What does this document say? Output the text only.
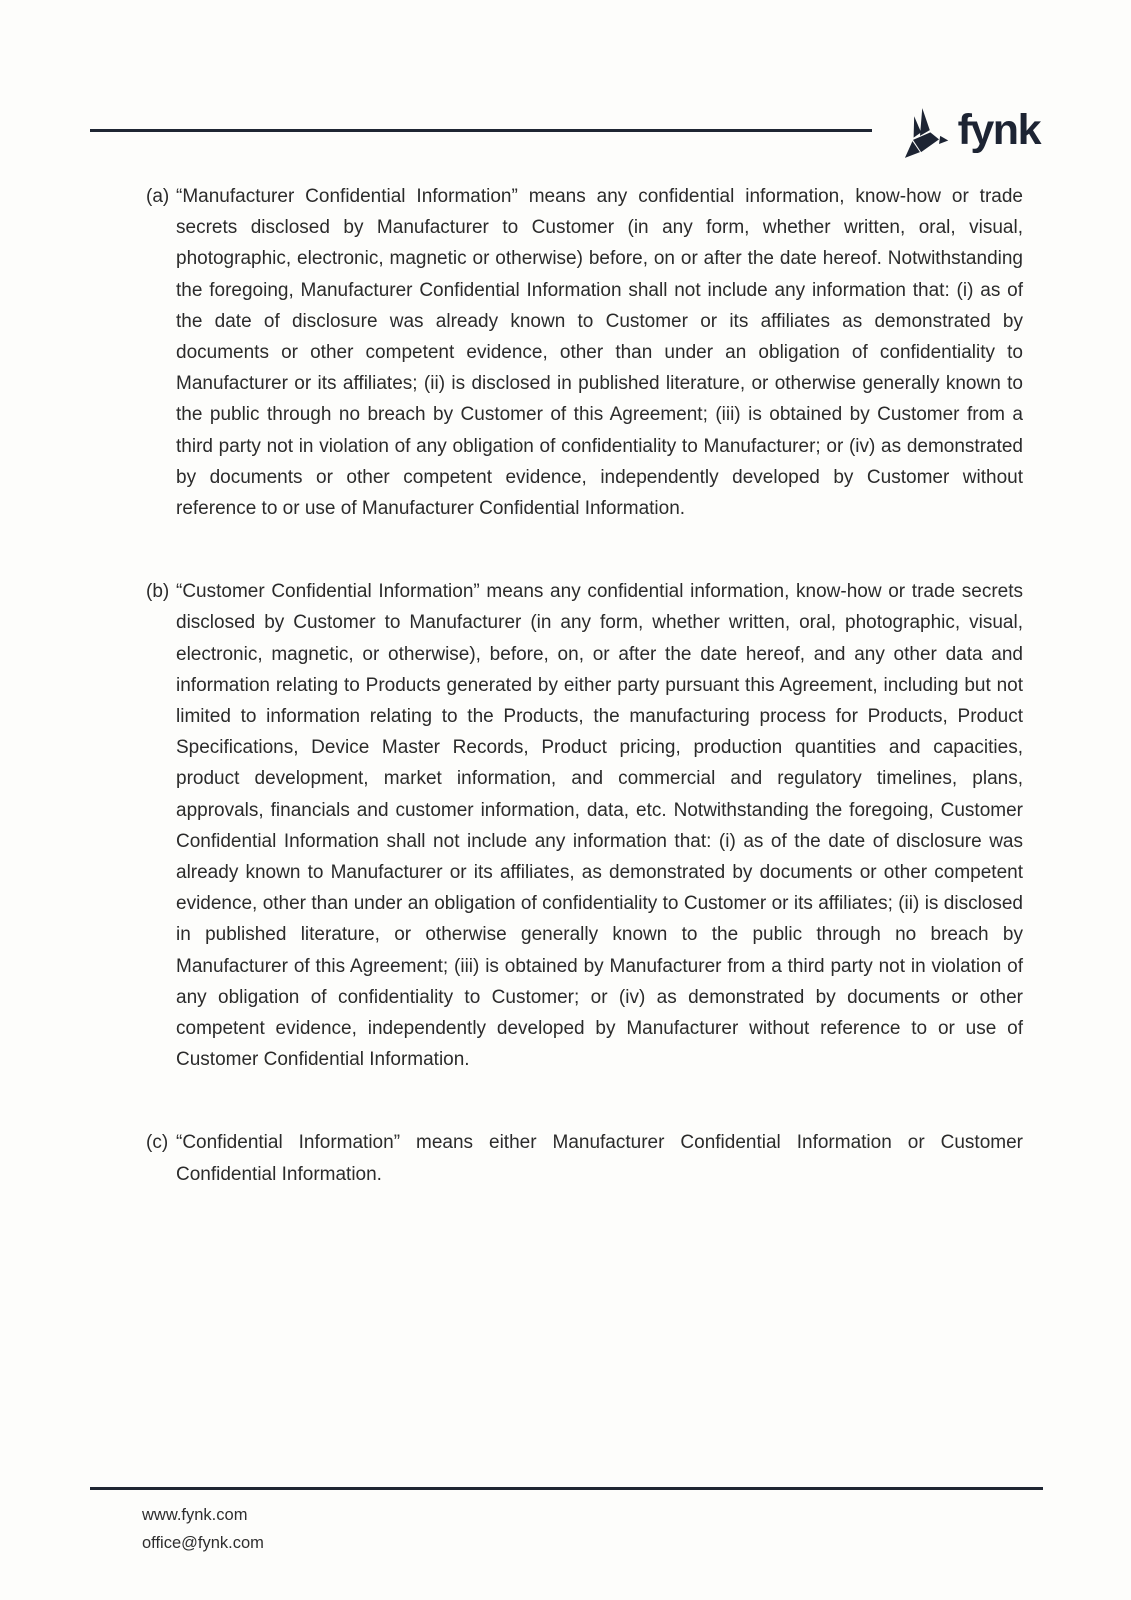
fynk
(a) “Manufacturer Confidential Information” means any confidential information, know-how or trade secrets disclosed by Manufacturer to Customer (in any form, whether written, oral, visual, photographic, electronic, magnetic or otherwise) before, on or after the date hereof. Notwithstanding the foregoing, Manufacturer Confidential Information shall not include any information that: (i) as of the date of disclosure was already known to Customer or its affiliates as demonstrated by documents or other competent evidence, other than under an obligation of confidentiality to Manufacturer or its affiliates; (ii) is disclosed in published literature, or otherwise generally known to the public through no breach by Customer of this Agreement; (iii) is obtained by Customer from a third party not in violation of any obligation of confidentiality to Manufacturer; or (iv) as demonstrated by documents or other competent evidence, independently developed by Customer without reference to or use of Manufacturer Confidential Information.

(b) “Customer Confidential Information” means any confidential information, know-how or trade secrets disclosed by Customer to Manufacturer (in any form, whether written, oral, photographic, visual, electronic, magnetic, or otherwise), before, on, or after the date hereof, and any other data and information relating to Products generated by either party pursuant this Agreement, including but not limited to information relating to the Products, the manufacturing process for Products, Product Specifications, Device Master Records, Product pricing, production quantities and capacities, product development, market information, and commercial and regulatory timelines, plans, approvals, financials and customer information, data, etc. Notwithstanding the foregoing, Customer Confidential Information shall not include any information that: (i) as of the date of disclosure was already known to Manufacturer or its affiliates, as demonstrated by documents or other competent evidence, other than under an obligation of confidentiality to Customer or its affiliates; (ii) is disclosed in published literature, or otherwise generally known to the public through no breach by Manufacturer of this Agreement; (iii) is obtained by Manufacturer from a third party not in violation of any obligation of confidentiality to Customer; or (iv) as demonstrated by documents or other competent evidence, independently developed by Manufacturer without reference to or use of Customer Confidential Information.

(c) “Confidential Information” means either Manufacturer Confidential Information or Customer Confidential Information.

www.fynk.com
office@fynk.com
